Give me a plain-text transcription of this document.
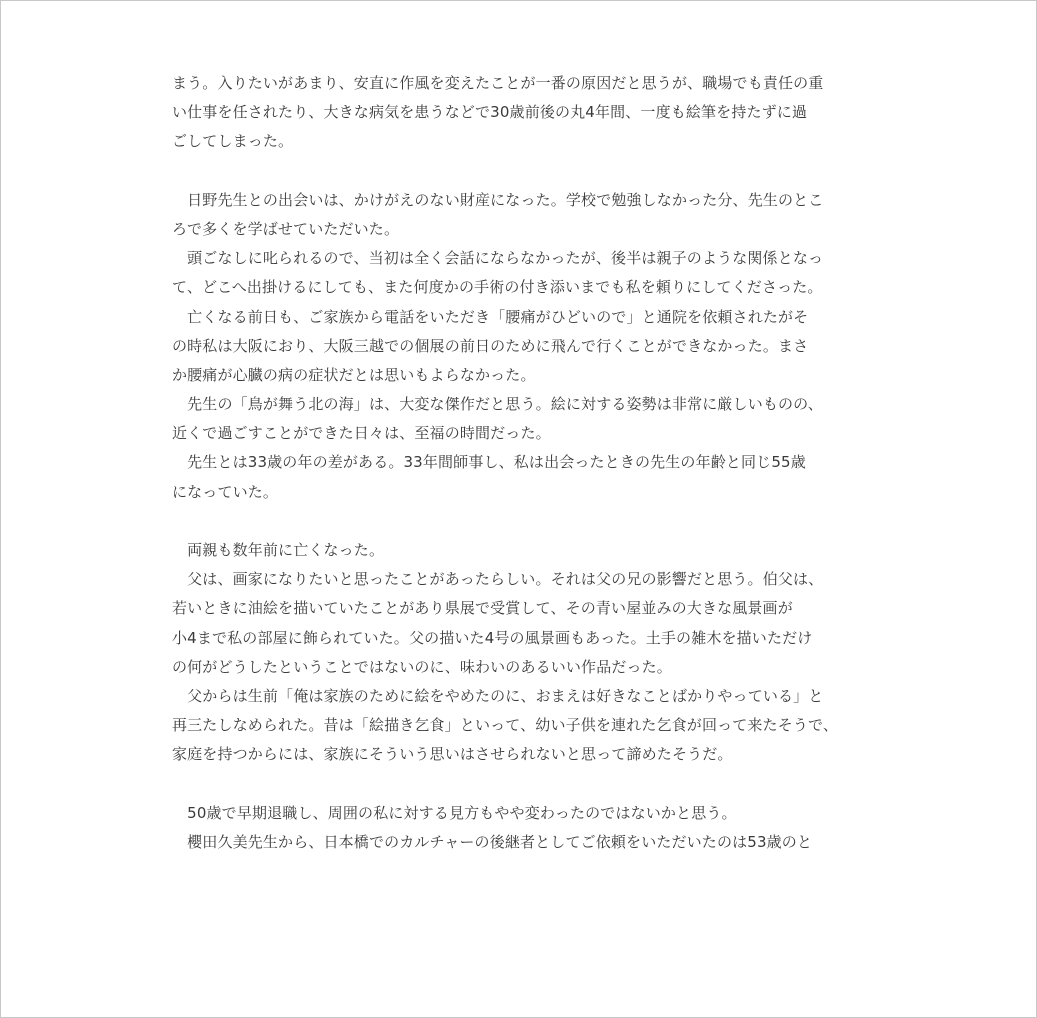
まう。入りたいがあまり、安直に作風を変えたことが一番の原因だと思うが、職場でも責任の重
い仕事を任されたり、大きな病気を患うなどで30歳前後の丸4年間、一度も絵筆を持たずに過
ごしてしまった。
　日野先生との出会いは、かけがえのない財産になった。学校で勉強しなかった分、先生のとこ
ろで多くを学ばせていただいた。
　頭ごなしに叱られるので、当初は全く会話にならなかったが、後半は親子のような関係となっ
て、どこへ出掛けるにしても、また何度かの手術の付き添いまでも私を頼りにしてくださった。
　亡くなる前日も、ご家族から電話をいただき「腰痛がひどいので」と通院を依頼されたがそ
の時私は大阪におり、大阪三越での個展の前日のために飛んで行くことができなかった。まさ
か腰痛が心臓の病の症状だとは思いもよらなかった。
　先生の「鳥が舞う北の海」は、大変な傑作だと思う。絵に対する姿勢は非常に厳しいものの、
近くで過ごすことができた日々は、至福の時間だった。
　先生とは33歳の年の差がある。33年間師事し、私は出会ったときの先生の年齢と同じ55歳
になっていた。
　両親も数年前に亡くなった。
　父は、画家になりたいと思ったことがあったらしい。それは父の兄の影響だと思う。伯父は、
若いときに油絵を描いていたことがあり県展で受賞して、その青い屋並みの大きな風景画が
小4まで私の部屋に飾られていた。父の描いた4号の風景画もあった。土手の雑木を描いただけ
の何がどうしたということではないのに、味わいのあるいい作品だった。
　父からは生前「俺は家族のために絵をやめたのに、おまえは好きなことばかりやっている」と
再三たしなめられた。昔は「絵描き乞食」といって、幼い子供を連れた乞食が回って来たそうで、
家庭を持つからには、家族にそういう思いはさせられないと思って諦めたそうだ。
　50歳で早期退職し、周囲の私に対する見方もやや変わったのではないかと思う。
　櫻田久美先生から、日本橋でのカルチャーの後継者としてご依頼をいただいたのは53歳のと
